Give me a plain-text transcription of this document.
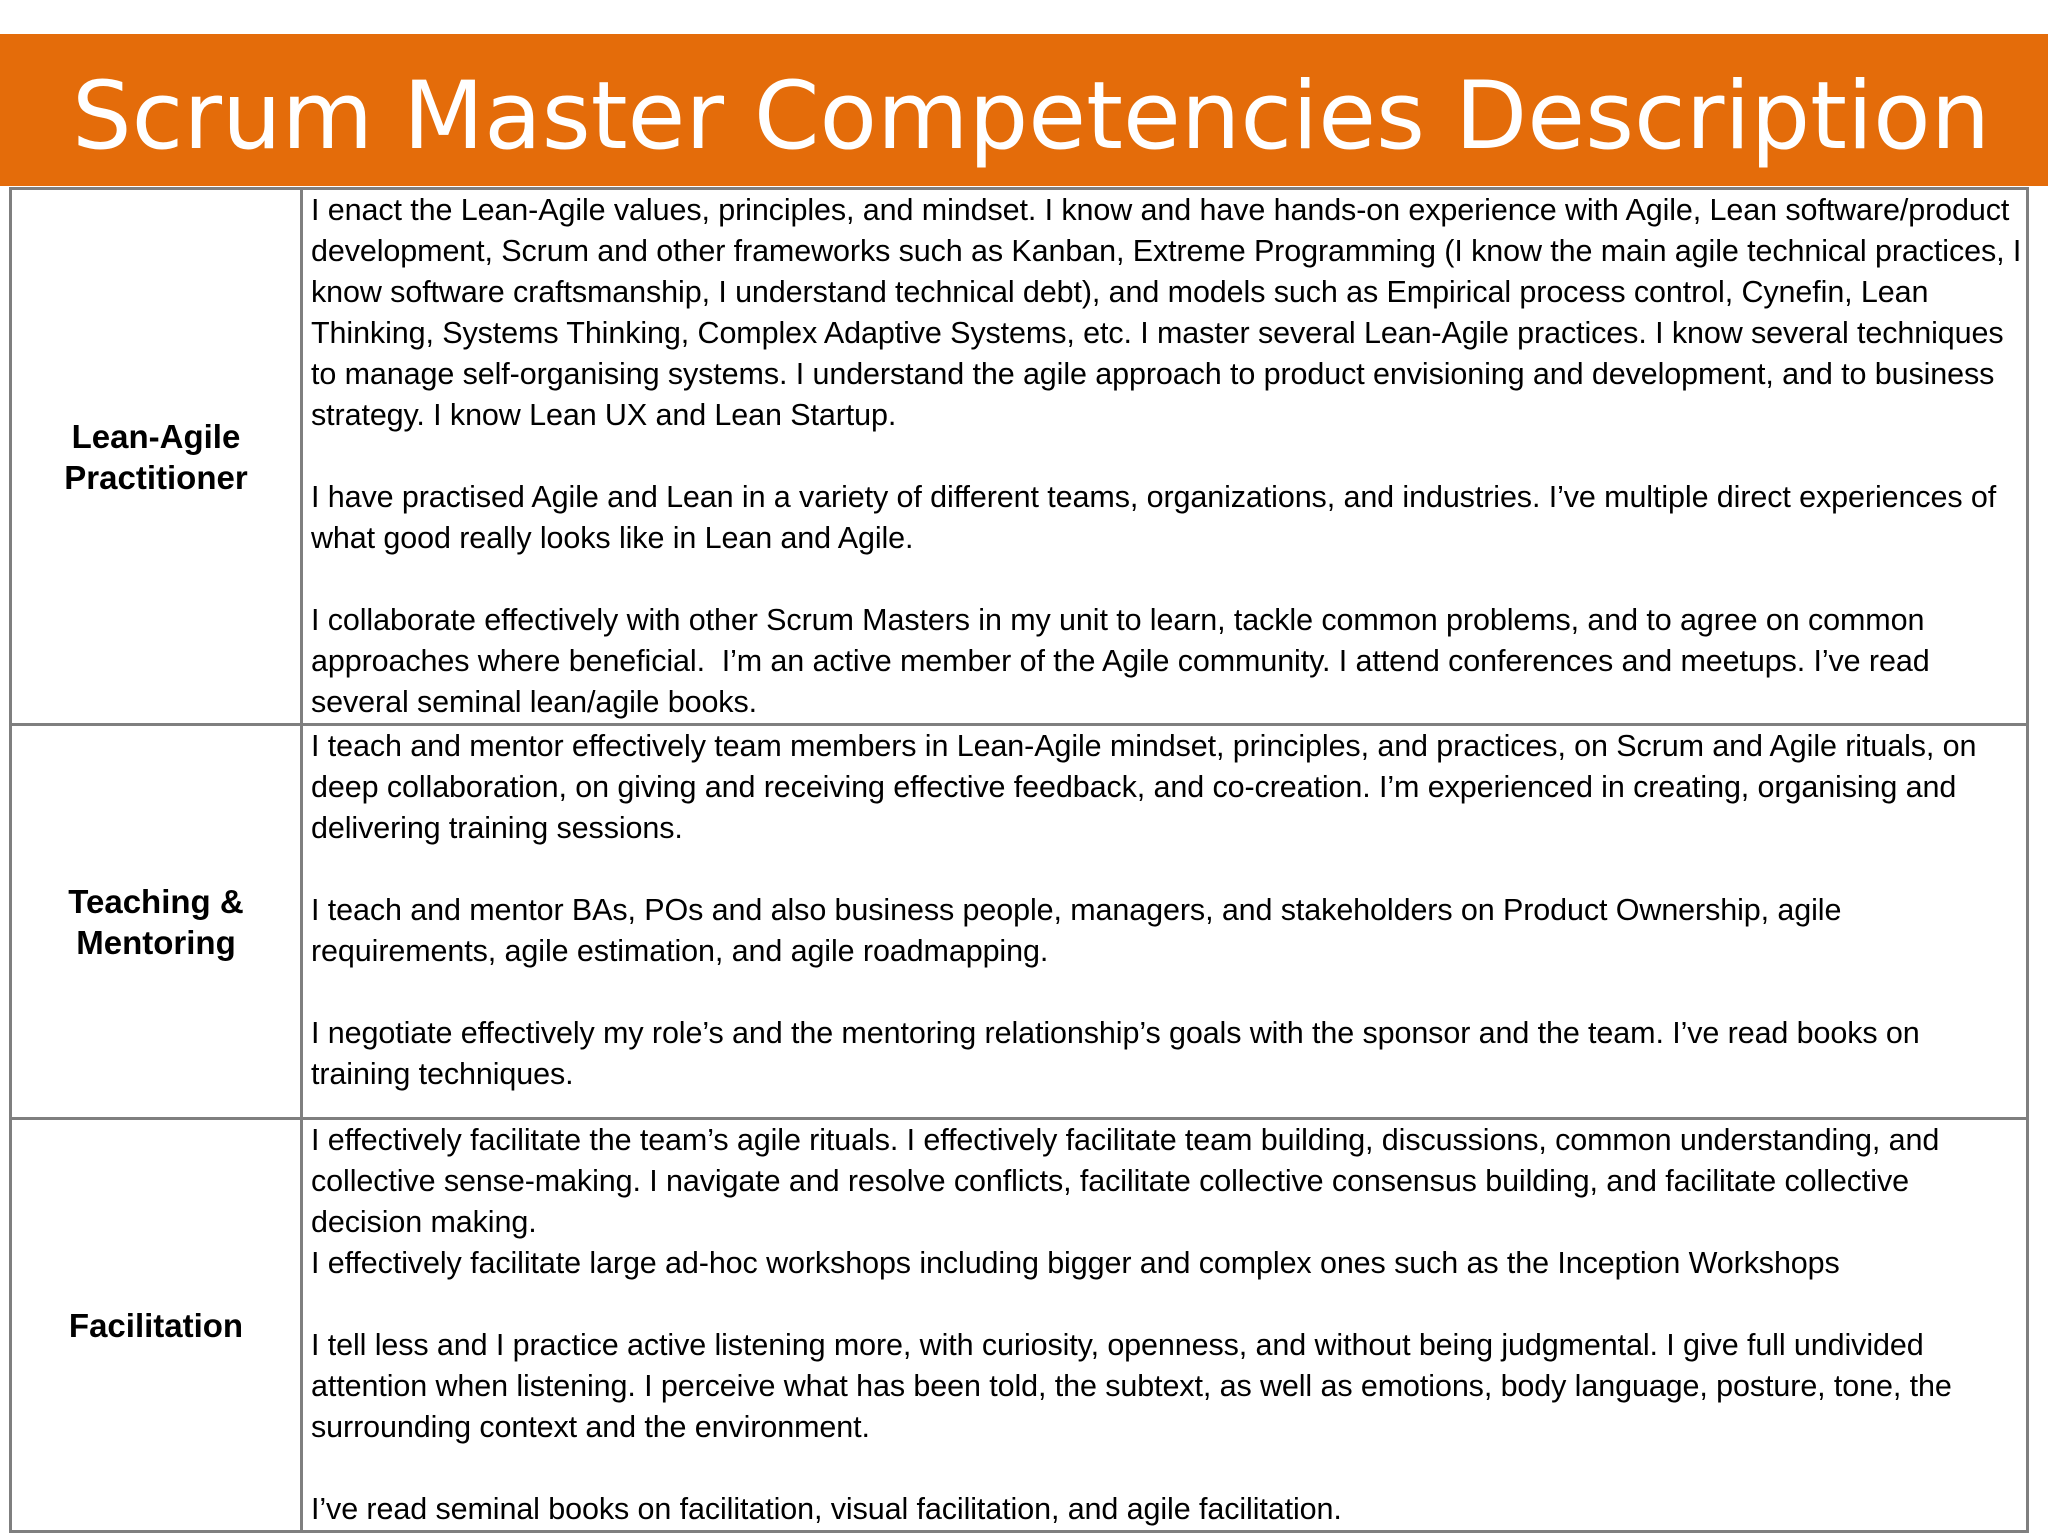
Scrum Master Competencies Description
Lean-Agile
Practitioner	I enact the Lean-Agile values, principles, and mindset. I know and have hands-on experience with Agile, Lean software/product development, Scrum and other frameworks such as Kanban, Extreme Programming (I know the main agile technical practices, I know software craftsmanship, I understand technical debt), and models such as Empirical process control, Cynefin, Lean Thinking, Systems Thinking, Complex Adaptive Systems, etc. I master several Lean-Agile practices. I know several techniques to manage self-organising systems. I understand the agile approach to product envisioning and development, and to business strategy. I know Lean UX and Lean Startup.

I have practised Agile and Lean in a variety of different teams, organizations, and industries. I’ve multiple direct experiences of what good really looks like in Lean and Agile.

I collaborate effectively with other Scrum Masters in my unit to learn, tackle common problems, and to agree on common approaches where beneficial.  I’m an active member of the Agile community. I attend conferences and meetups. I’ve read several seminal lean/agile books.

Teaching &
Mentoring	I teach and mentor effectively team members in Lean-Agile mindset, principles, and practices, on Scrum and Agile rituals, on deep collaboration, on giving and receiving effective feedback, and co-creation. I’m experienced in creating, organising and delivering training sessions.

I teach and mentor BAs, POs and also business people, managers, and stakeholders on Product Ownership, agile requirements, agile estimation, and agile roadmapping.

I negotiate effectively my role’s and the mentoring relationship’s goals with the sponsor and the team. I’ve read books on training techniques.

Facilitation	I effectively facilitate the team’s agile rituals. I effectively facilitate team building, discussions, common understanding, and collective sense-making. I navigate and resolve conflicts, facilitate collective consensus building, and facilitate collective decision making.
I effectively facilitate large ad-hoc workshops including bigger and complex ones such as the Inception Workshops

I tell less and I practice active listening more, with curiosity, openness, and without being judgmental. I give full undivided attention when listening. I perceive what has been told, the subtext, as well as emotions, body language, posture, tone, the surrounding context and the environment.

I’ve read seminal books on facilitation, visual facilitation, and agile facilitation.
